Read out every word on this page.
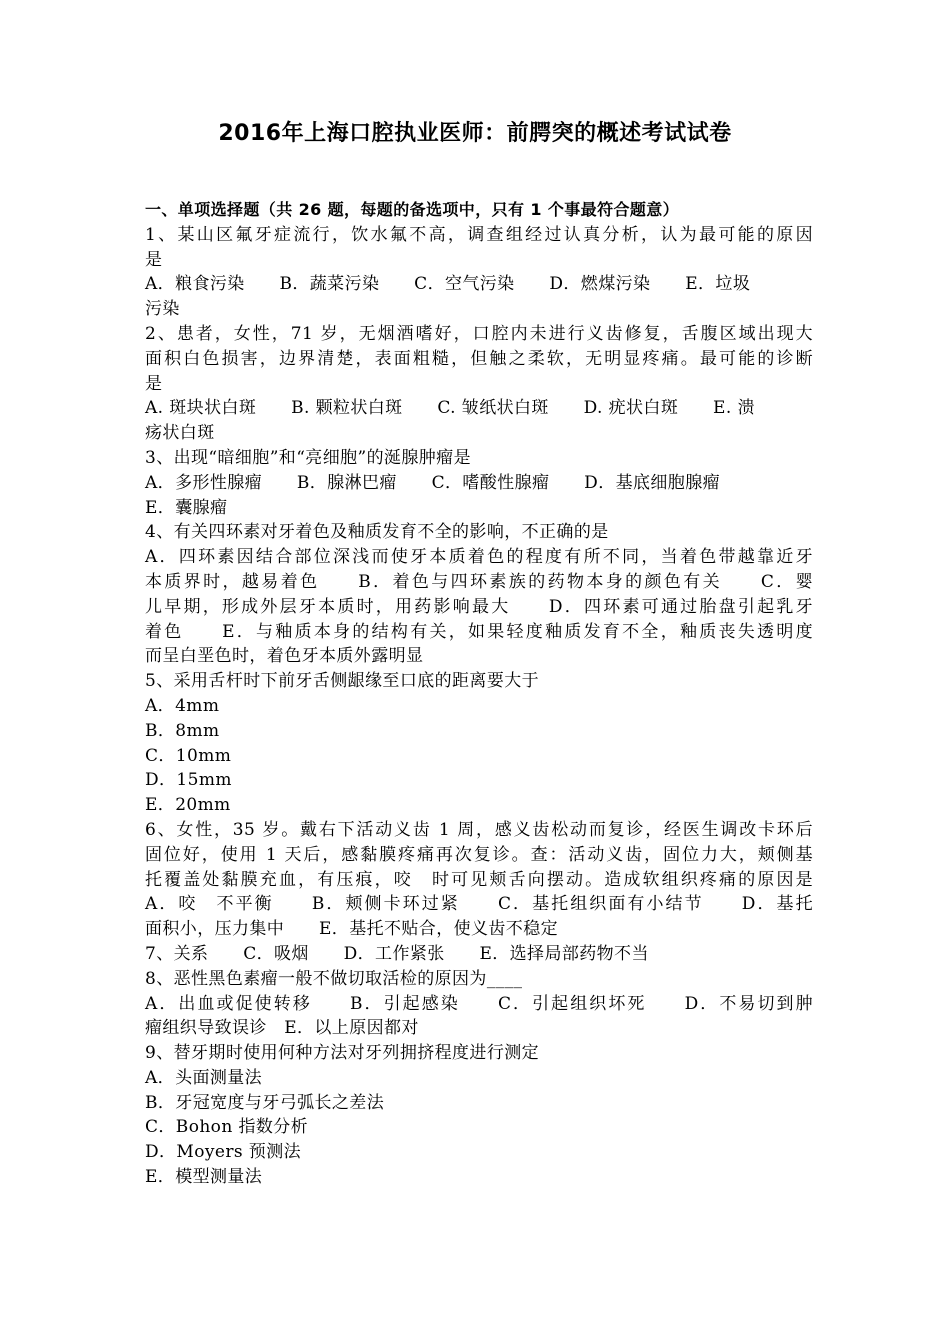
2016年上海口腔执业医师：前腭突的概述考试试卷
一、单项选择题（共 26 题，每题的备选项中，只有 1 个事最符合题意）
1、某山区氟牙症流行，饮水氟不高，调查组经过认真分析，认为最可能的原因
是
A．粮食污染　　B．蔬菜污染　　C．空气污染　　D．燃煤污染　　E．垃圾
污染
2、患者，女性，71 岁，无烟酒嗜好，口腔内未进行义齿修复，舌腹区域出现大
面积白色损害，边界清楚，表面粗糙，但触之柔软，无明显疼痛。最可能的诊断
是
A. 斑块状白斑　　B. 颗粒状白斑　　C. 皱纸状白斑　　D. 疣状白斑　　E. 溃
疡状白斑
3、出现“暗细胞”和“亮细胞”的涎腺肿瘤是
A．多形性腺瘤　　B．腺淋巴瘤　　C．嗜酸性腺瘤　　D．基底细胞腺瘤
E．囊腺瘤
4、有关四环素对牙着色及釉质发育不全的影响，不正确的是
A．四环素因结合部位深浅而使牙本质着色的程度有所不同，当着色带越靠近牙
本质界时，越易着色　　B．着色与四环素族的药物本身的颜色有关　　C．婴
儿早期，形成外层牙本质时，用药影响最大　　D．四环素可通过胎盘引起乳牙
着色　　E．与釉质本身的结构有关，如果轻度釉质发育不全，釉质丧失透明度
而呈白垩色时，着色牙本质外露明显
5、采用舌杆时下前牙舌侧龈缘至口底的距离要大于
A．4mm
B．8mm
C．10mm
D．15mm
E．20mm
6、女性，35 岁。戴右下活动义齿 1 周，感义齿松动而复诊，经医生调改卡环后
固位好，使用 1 天后，感黏膜疼痛再次复诊。查：活动义齿，固位力大，颊侧基
托覆盖处黏膜充血，有压痕，咬　时可见颊舌向摆动。造成软组织疼痛的原因是
A．咬　不平衡　　B．颊侧卡环过紧　　C．基托组织面有小结节　　D．基托
面积小，压力集中　　E．基托不贴合，使义齿不稳定
7、关系　　C．吸烟　　D．工作紧张　　E．选择局部药物不当
8、恶性黑色素瘤一般不做切取活检的原因为____
A．出血或促使转移　　B．引起感染　　C．引起组织坏死　　D．不易切到肿
瘤组织导致误诊　E．以上原因都对
9、替牙期时使用何种方法对牙列拥挤程度进行测定
A．头面测量法
B．牙冠宽度与牙弓弧长之差法
C．Bohon 指数分析
D．Moyers 预测法
E．模型测量法
